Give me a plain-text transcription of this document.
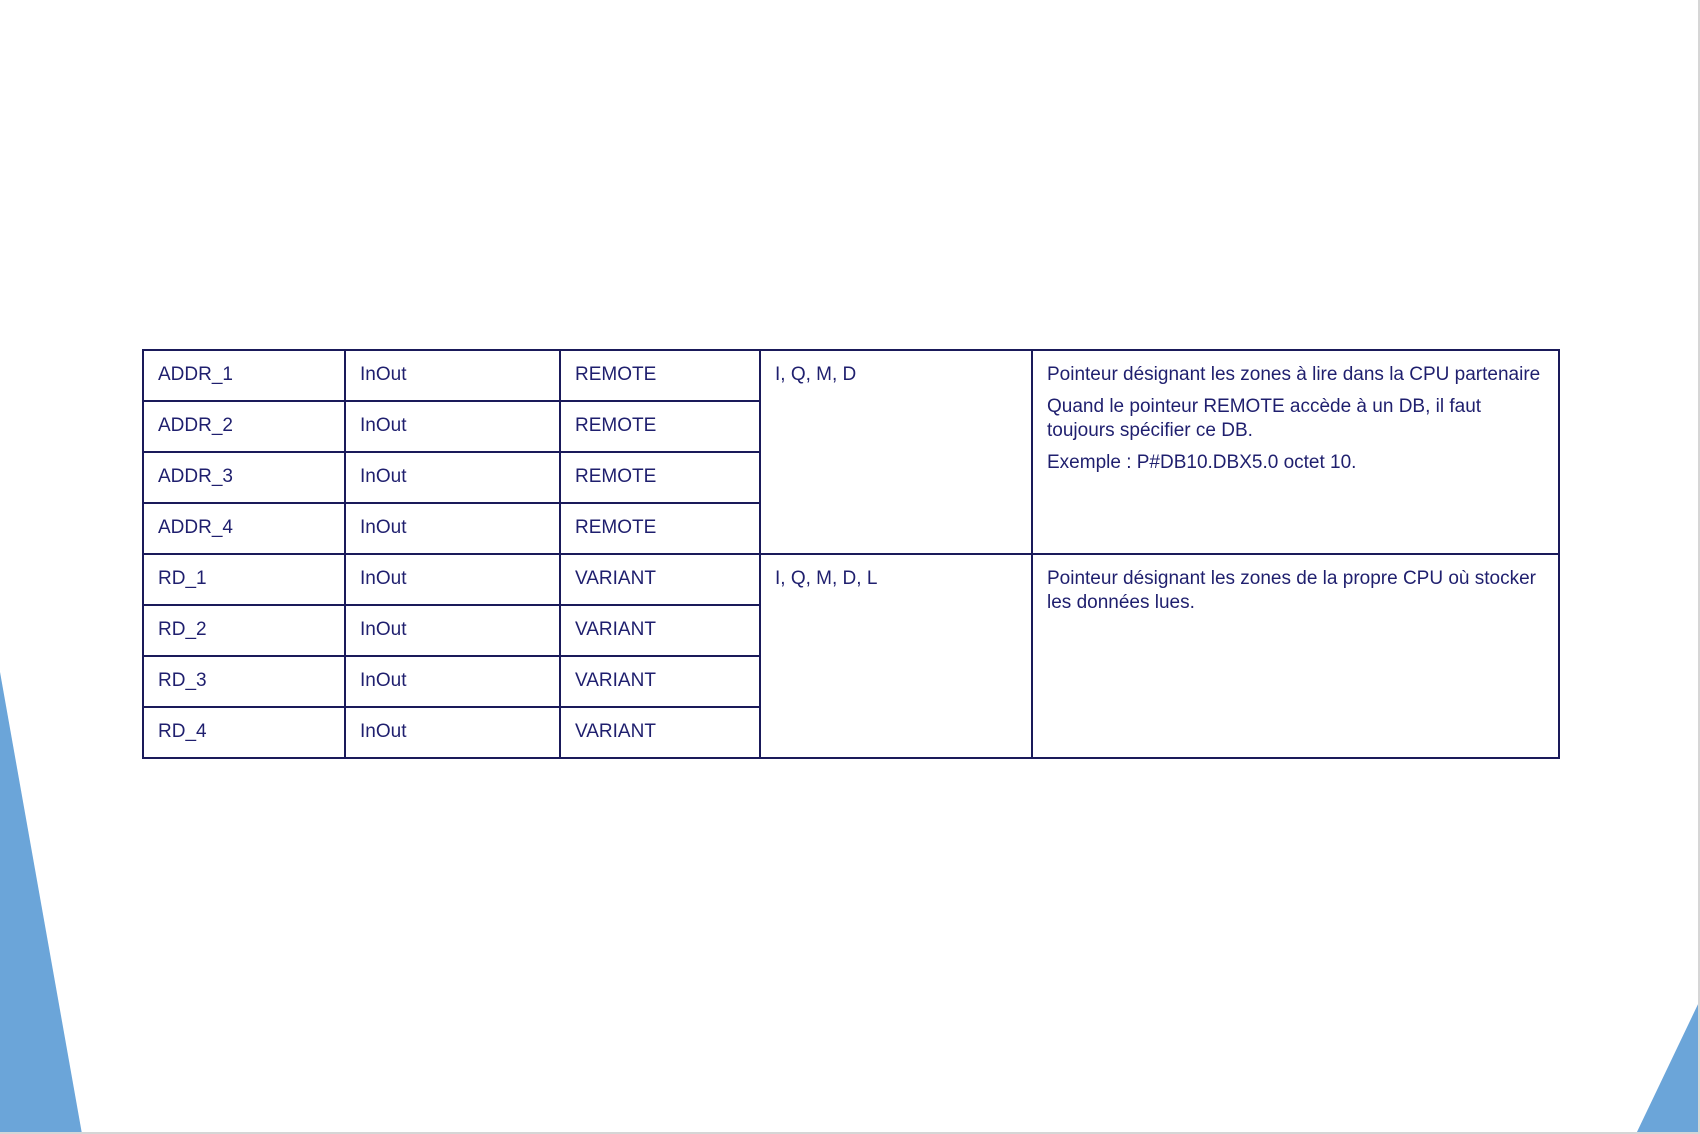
ADDR_1	InOut	REMOTE	I, Q, M, D	Pointeur désignant les zones à lire dans la CPU partenaire

Quand le pointeur REMOTE accède à un DB, il faut toujours spécifier ce DB.

Exemple : P#DB10.DBX5.0 octet 10.

ADDR_2	InOut	REMOTE		

ADDR_3	InOut	REMOTE		

ADDR_4	InOut	REMOTE		

RD_1	InOut	VARIANT	I, Q, M, D, L	Pointeur désignant les zones de la propre CPU où stocker les données lues.

RD_2	InOut	VARIANT		

RD_3	InOut	VARIANT		

RD_4	InOut	VARIANT		
